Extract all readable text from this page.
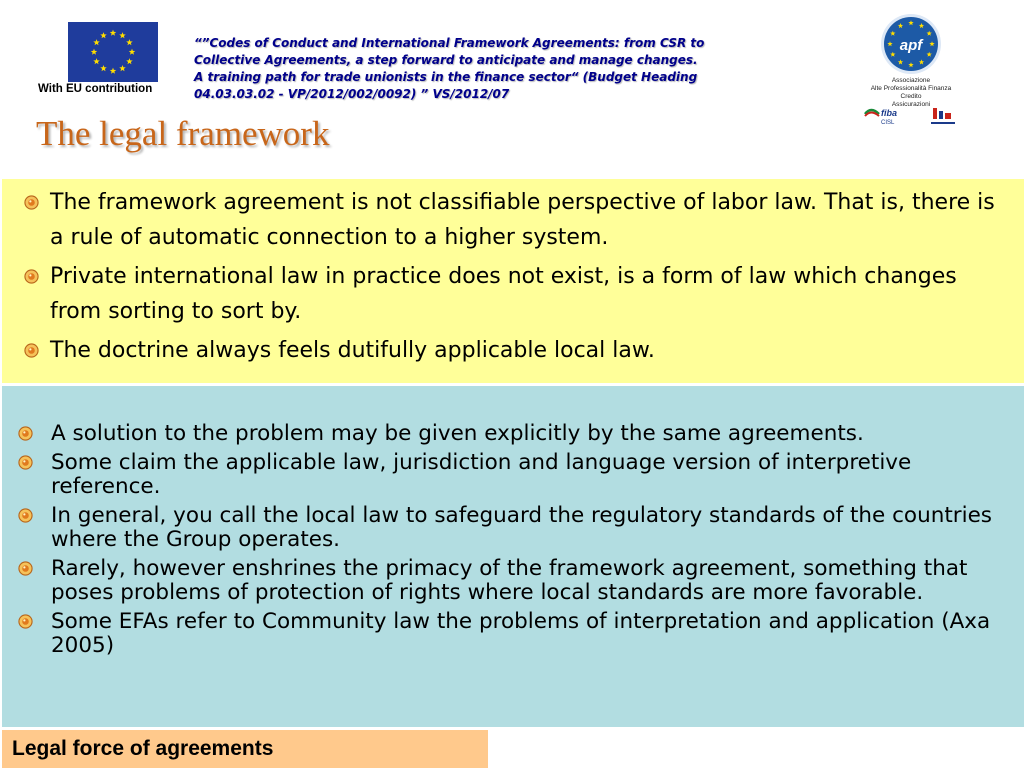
With EU contribution

“”Codes of Conduct and International Framework Agreements: from CSR to
Collective Agreements, a step forward to anticipate and manage changes.
A training path for trade unionists in the finance sector“ (Budget Heading
04.03.03.02 - VP/2012/002/0092) ” VS/2012/07

The legal framework
apf
Associazione
Alte Professionalità Finanza
Credito
Assicurazioni
fiba
CISL
The framework agreement is not classifiable perspective of labor law. That is, there is a rule of automatic connection to a higher system.
Private international law in practice does not exist, is a form of law which changes from sorting to sort by.
The doctrine always feels dutifully applicable local law.
A solution to the problem may be given explicitly by the same agreements.
Some claim the applicable law, jurisdiction and language version of interpretive reference.
In general, you call the local law to safeguard the regulatory standards of the countries where the Group operates.
Rarely, however enshrines the primacy of the framework agreement, something that poses problems of protection of rights where local standards are more favorable.
Some EFAs refer to Community law the problems of interpretation and application (Axa 2005)
Legal force of agreements
